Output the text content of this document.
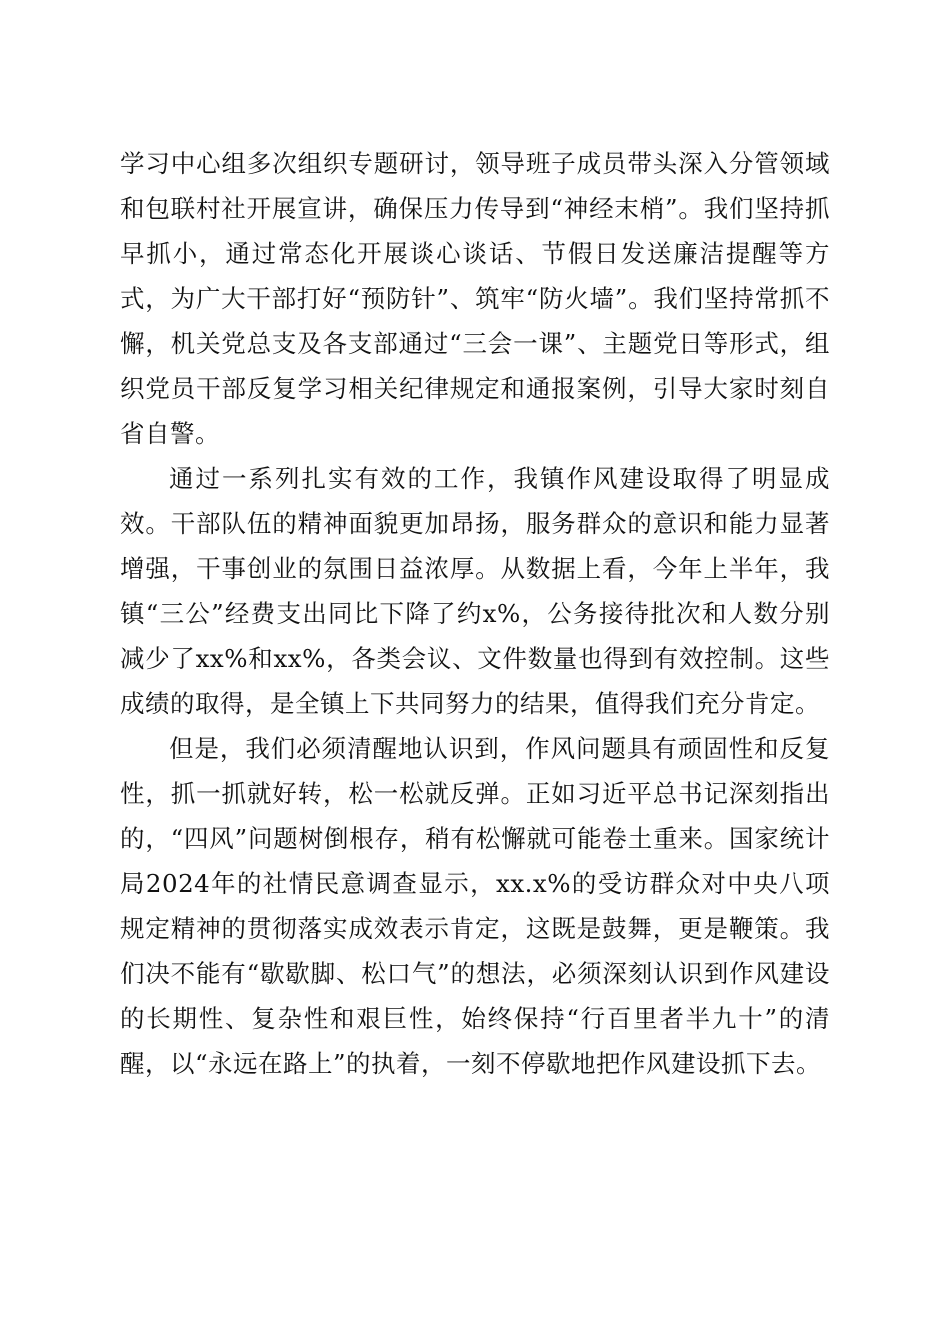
学习中心组多次组织专题研讨，领导班子成员带头深入分管领域和包联村社开展宣讲，确保压力传导到“神经末梢”。我们坚持抓早抓小，通过常态化开展谈心谈话、节假日发送廉洁提醒等方式，为广大干部打好“预防针”、筑牢“防火墙”。我们坚持常抓不懈，机关党总支及各支部通过“三会一课”、主题党日等形式，组织党员干部反复学习相关纪律规定和通报案例，引导大家时刻自省自警。

通过一系列扎实有效的工作，我镇作风建设取得了明显成效。干部队伍的精神面貌更加昂扬，服务群众的意识和能力显著增强，干事创业的氛围日益浓厚。从数据上看，今年上半年，我镇“三公”经费支出同比下降了约x%，公务接待批次和人数分别减少了xx%和xx%，各类会议、文件数量也得到有效控制。这些成绩的取得，是全镇上下共同努力的结果，值得我们充分肯定。

但是，我们必须清醒地认识到，作风问题具有顽固性和反复性，抓一抓就好转，松一松就反弹。正如习近平总书记深刻指出的，“四风”问题树倒根存，稍有松懈就可能卷土重来。国家统计局2024年的社情民意调查显示，xx.x%的受访群众对中央八项规定精神的贯彻落实成效表示肯定，这既是鼓舞，更是鞭策。我们决不能有“歇歇脚、松口气”的想法，必须深刻认识到作风建设的长期性、复杂性和艰巨性，始终保持“行百里者半九十”的清醒，以“永远在路上”的执着，一刻不停歇地把作风建设抓下去。
